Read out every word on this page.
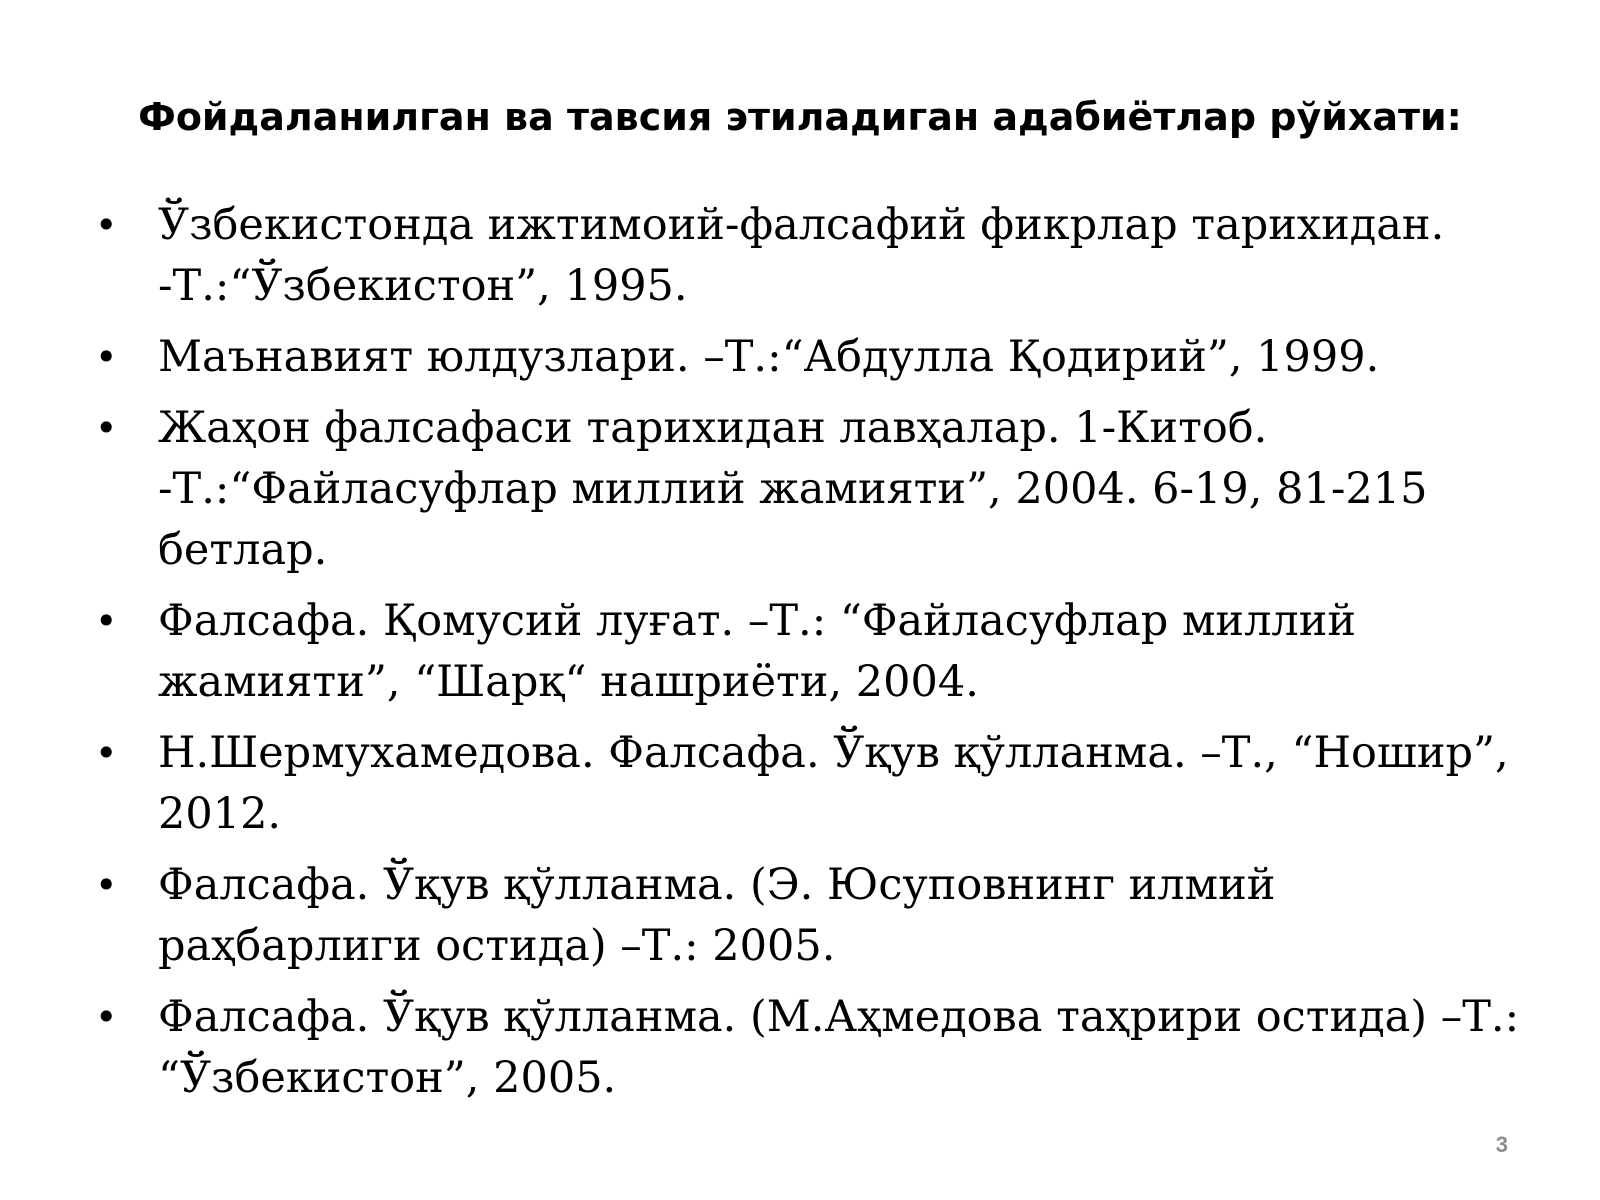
Фойдаланилган ва тавсия этиладиган адабиётлар рўйхати:
• Ўзбекистонда ижтимоий-фалсафий фикрлар тарихидан. -Т.:“Ўзбекистон”, 1995.
• Маънавият юлдузлари. –Т.:“Абдулла Қодирий”, 1999.
• Жаҳон фалсафаси тарихидан лавҳалар. 1-Китоб. -Т.:“Файласуфлар миллий жамияти”, 2004. 6-19, 81-215 бетлар.
• Фалсафа. Қомусий луғат. –Т.: “Файласуфлар миллий жамияти”, “Шарқ“ нашриёти, 2004.
• Н.Шермухамедова. Фалсафа. Ўқув қўлланма. –Т., “Ношир”, 2012.
• Фалсафа. Ўқув қўлланма. (Э. Юсуповнинг илмий раҳбарлиги остида) –Т.: 2005.
• Фалсафа. Ўқув қўлланма. (М.Аҳмедова таҳрири остида) –Т.: “Ўзбекистон”, 2005.
3
